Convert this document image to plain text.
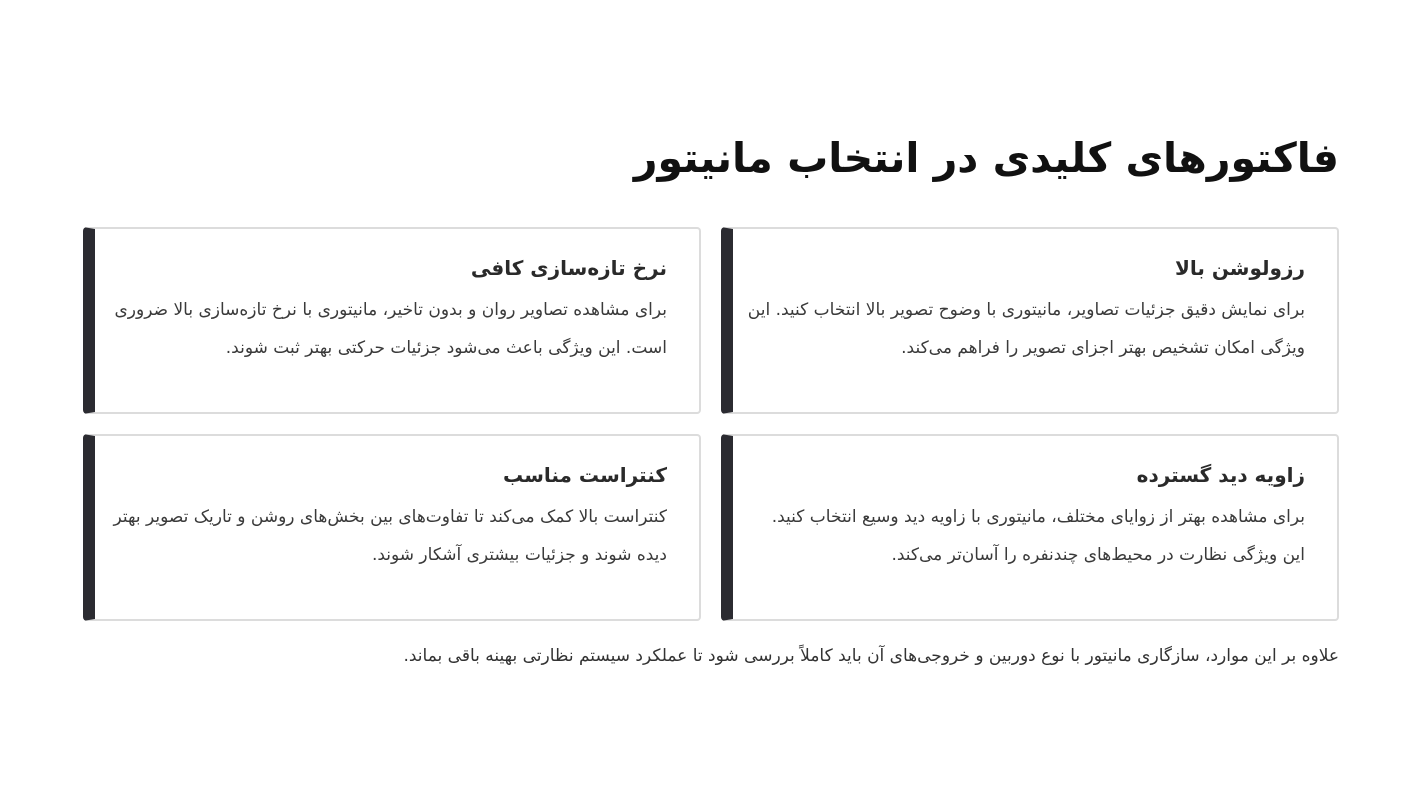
فاکتورهای کلیدی در انتخاب مانیتور
رزولوشن بالا

برای نمایش دقیق جزئیات تصاویر، مانیتوری با وضوح تصویر بالا انتخاب کنید. این ویژگی امکان تشخیص بهتر اجزای تصویر را فراهم می‌کند.

نرخ تازه‌سازی کافی

برای مشاهده تصاویر روان و بدون تاخیر، مانیتوری با نرخ تازه‌سازی بالا ضروری است. این ویژگی باعث می‌شود جزئیات حرکتی بهتر ثبت شوند.

زاویه دید گسترده

برای مشاهده بهتر از زوایای مختلف، مانیتوری با زاویه دید وسیع انتخاب کنید. این ویژگی نظارت در محیط‌های چندنفره را آسان‌تر می‌کند.

کنتراست مناسب

کنتراست بالا کمک می‌کند تا تفاوت‌های بین بخش‌های روشن و تاریک تصویر بهتر دیده شوند و جزئیات بیشتری آشکار شوند.

علاوه بر این موارد، سازگاری مانیتور با نوع دوربین و خروجی‌های آن باید کاملاً بررسی شود تا عملکرد سیستم نظارتی بهینه باقی بماند.
